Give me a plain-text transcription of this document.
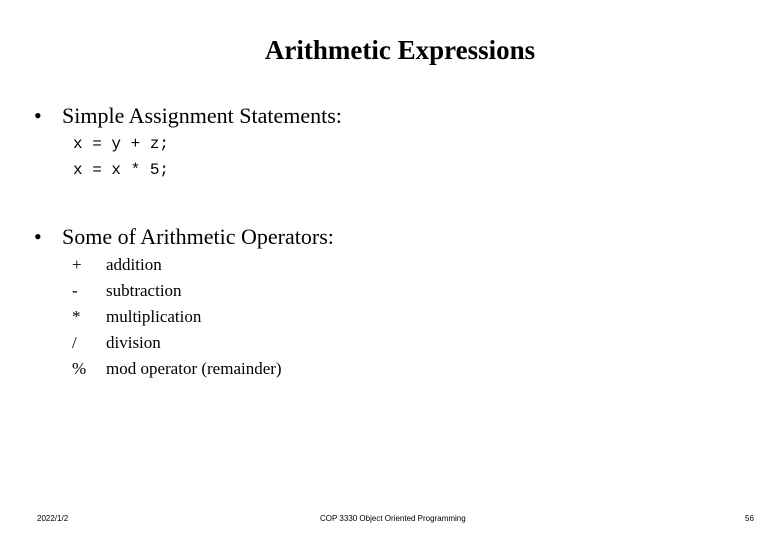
Arithmetic Expressions
• Simple Assignment Statements:
x = y + z;
x = x * 5;
• Some of Arithmetic Operators:
+ addition
- subtraction
* multiplication
/ division
% mod operator (remainder)
2022/1/2	COP 3330 Object Oriented Programming	56
